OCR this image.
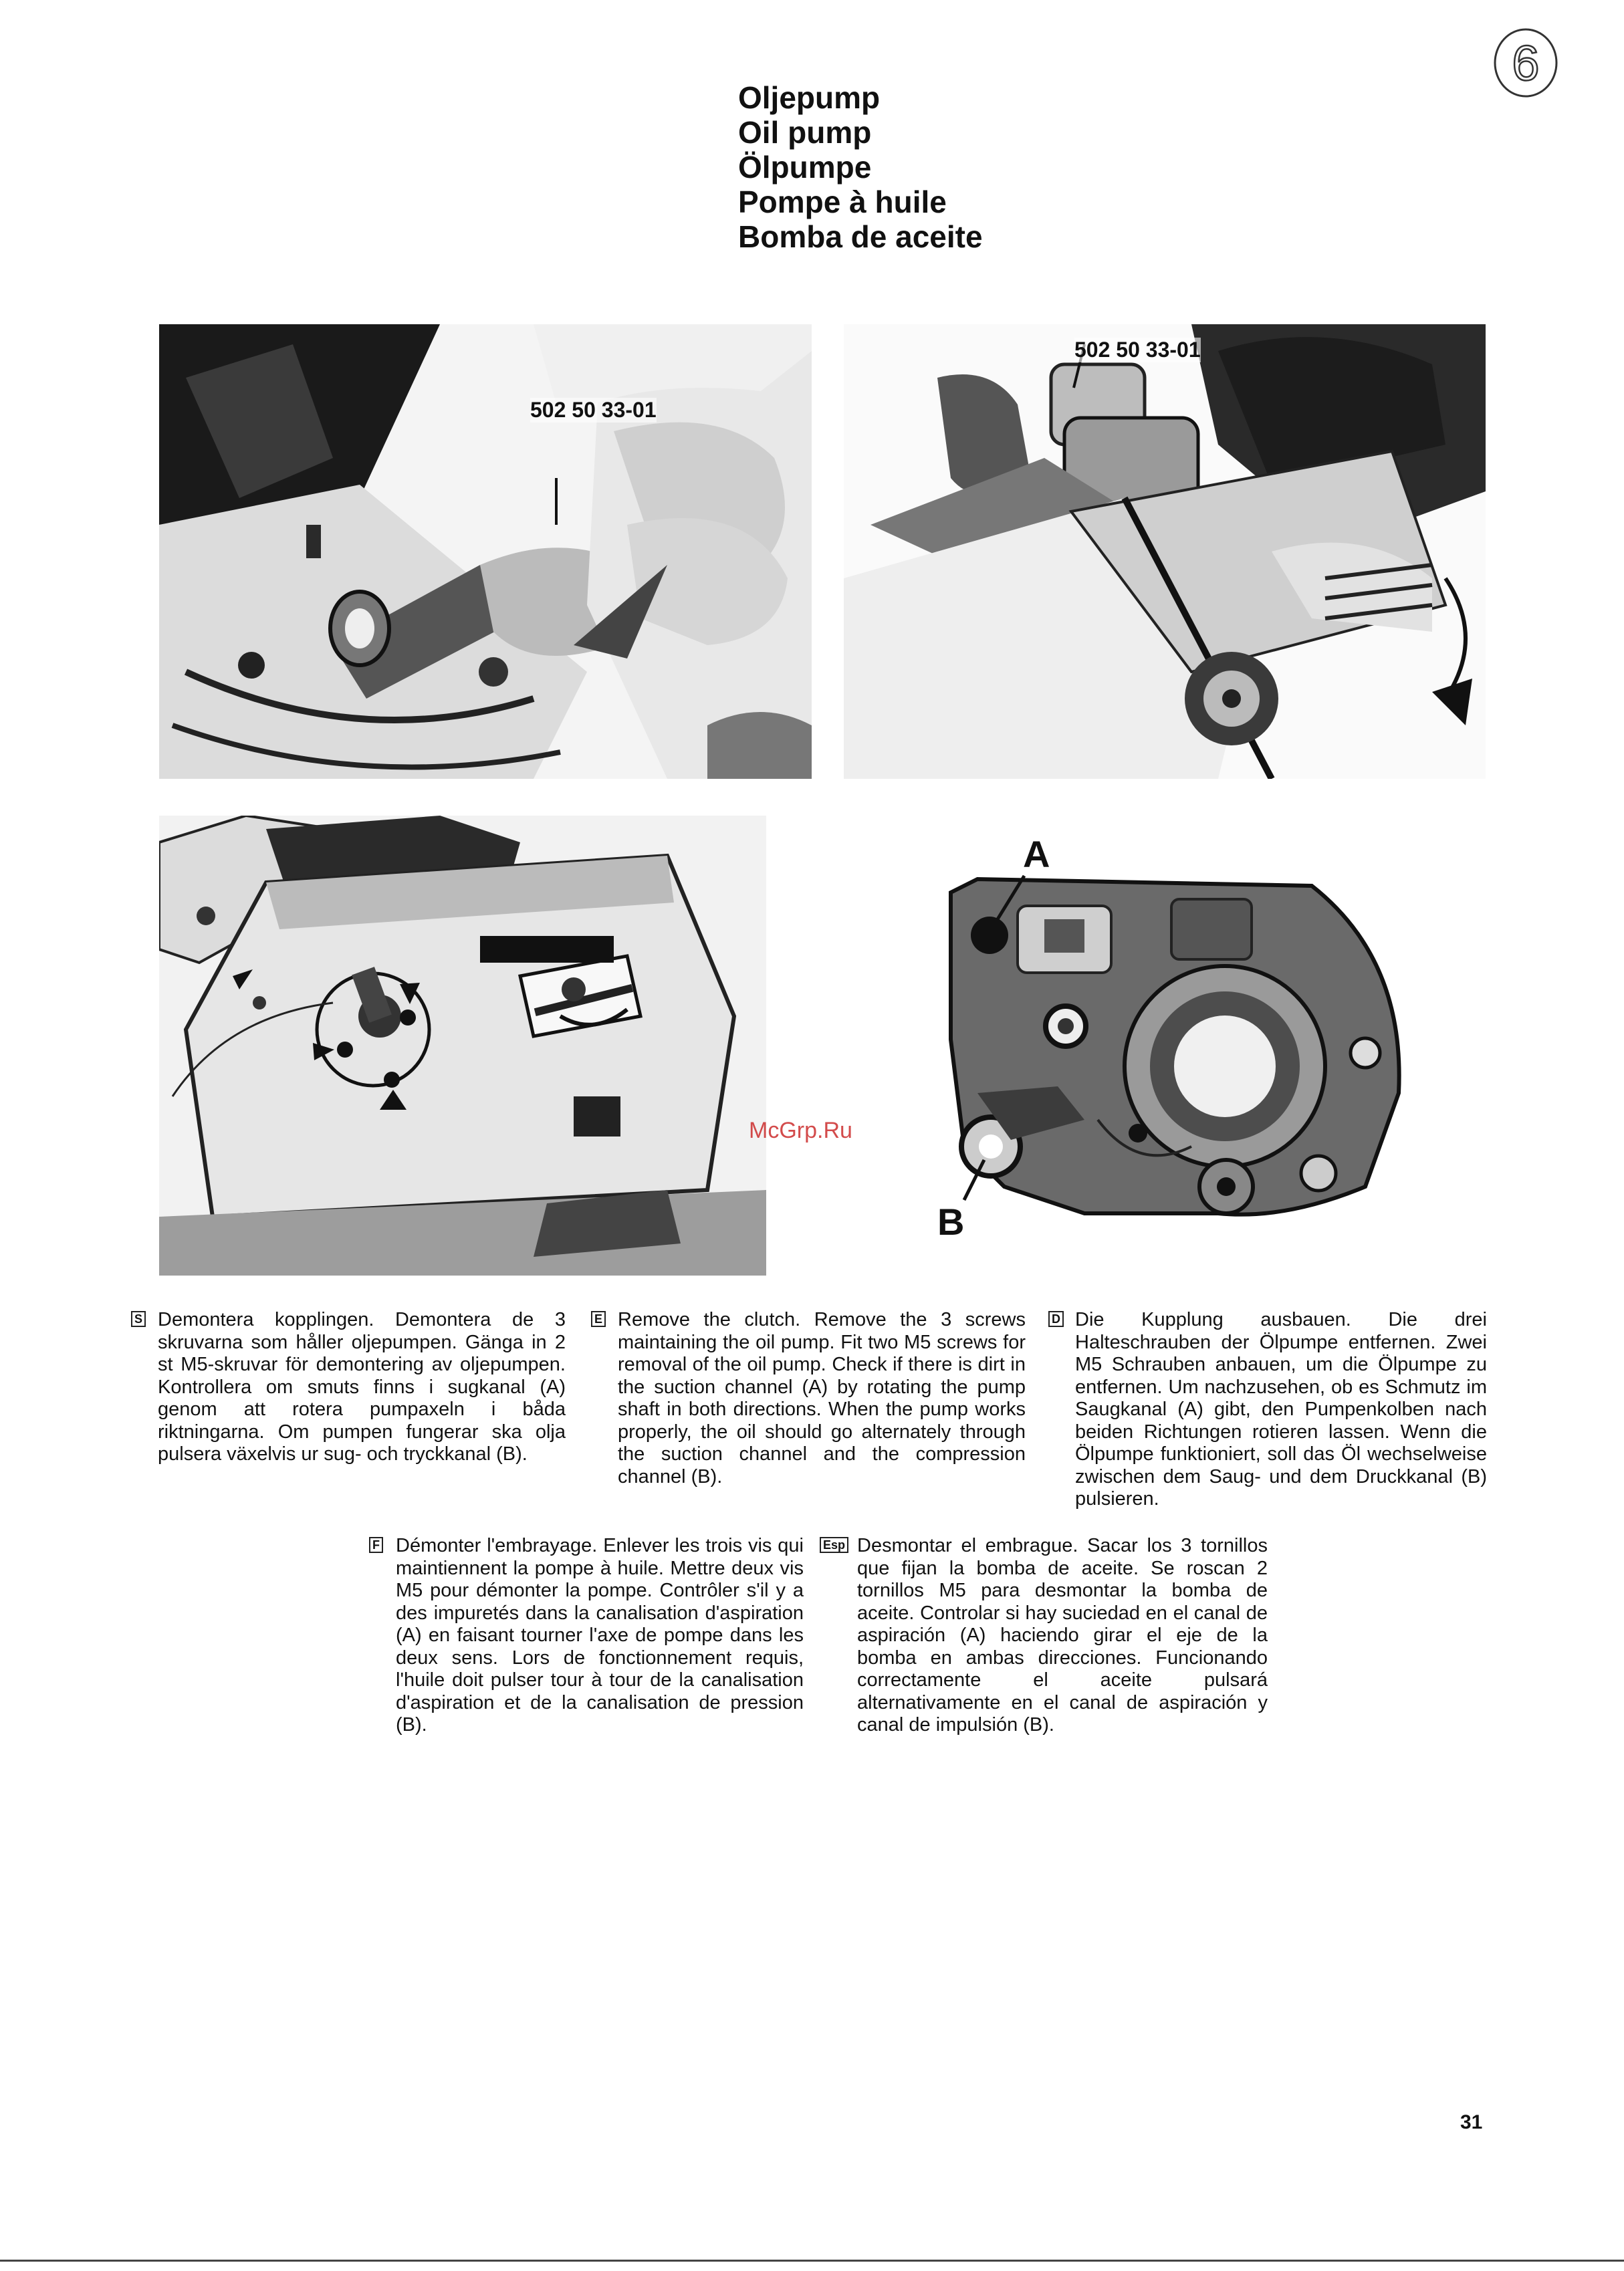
6
Oljepump
Oil pump
Ölpumpe
Pompe à huile
Bomba de aceite
502 50 33-01
502 50 33-01
A
B
McGrp.Ru
S Demontera kopplingen. Demontera de 3 skruvarna som håller oljepumpen. Gänga in 2 st M5-skruvar för demontering av oljepumpen. Kontrollera om smuts finns i sugkanal (A) genom att rotera pumpaxeln i båda riktningarna. Om pumpen fungerar ska olja pulsera växelvis ur sug- och tryckkanal (B).
E Remove the clutch. Remove the 3 screws maintaining the oil pump. Fit two M5 screws for removal of the oil pump. Check if there is dirt in the suction channel (A) by rotating the pump shaft in both directions. When the pump works properly, the oil should go alternately through the suction channel and the compression channel (B).
D Die Kupplung ausbauen. Die drei Halteschrauben der Ölpumpe entfernen. Zwei M5 Schrauben anbauen, um die Ölpumpe zu entfernen. Um nachzusehen, ob es Schmutz im Saugkanal (A) gibt, den Pumpenkolben nach beiden Richtungen rotieren lassen. Wenn die Ölpumpe funktioniert, soll das Öl wechselweise zwischen dem Saug- und dem Druckkanal (B) pulsieren.
F Démonter l'embrayage. Enlever les trois vis qui maintiennent la pompe à huile. Mettre deux vis M5 pour démonter la pompe. Contrôler s'il y a des impuretés dans la canalisation d'aspiration (A) en faisant tourner l'axe de pompe dans les deux sens. Lors de fonctionnement requis, l'huile doit pulser tour à tour de la canalisation d'aspiration et de la canalisation de pression (B).
Esp Desmontar el embrague. Sacar los 3 tornillos que fijan la bomba de aceite. Se roscan 2 tornillos M5 para desmontar la bomba de aceite. Controlar si hay suciedad en el canal de aspiración (A) haciendo girar el eje de la bomba en ambas direcciones. Funcionando correctamente el aceite pulsará alternativamente en el canal de aspiración y canal de impulsión (B).
31
